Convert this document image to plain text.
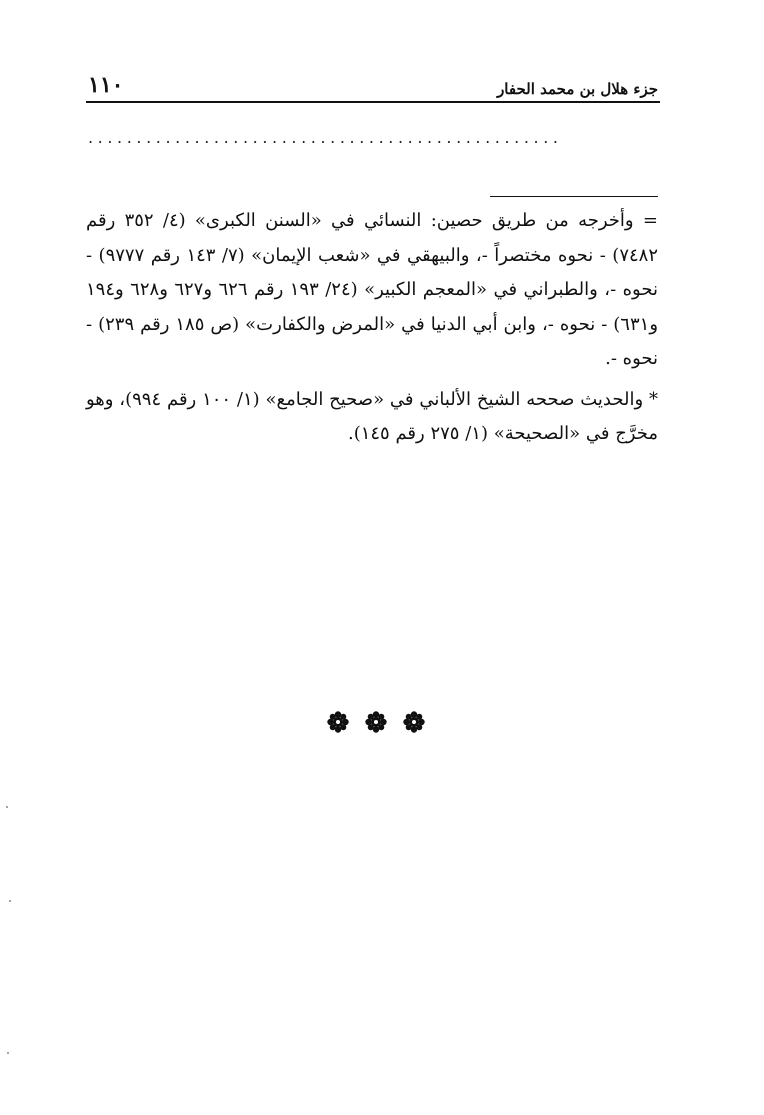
١١٠	جزء هلال بن محمد الحفار
.................................................

= وأخرجه من طريق حصين: النسائي في «السنن الكبرى» (٤/ ٣٥٢ رقم ٧٤٨٢) - نحوه مختصراً -، والبيهقي في «شعب الإيمان» (٧/ ١٤٣ رقم ٩٧٧٧) - نحوه -، والطبراني في «المعجم الكبير» (٢٤/ ١٩٣ رقم ٦٢٦ و٦٢٧ و٦٢٨ و١٩٤ و٦٣١) - نحوه -، وابن أبي الدنيا في «المرض والكفارت» (ص ١٨٥ رقم ٢٣٩) - نحوه -.

* والحديث صححه الشيخ الألباني في «صحيح الجامع» (١/ ١٠٠ رقم ٩٩٤)، وهو مخرَّج في «الصحيحة» (١/ ٢٧٥ رقم ١٤٥).
